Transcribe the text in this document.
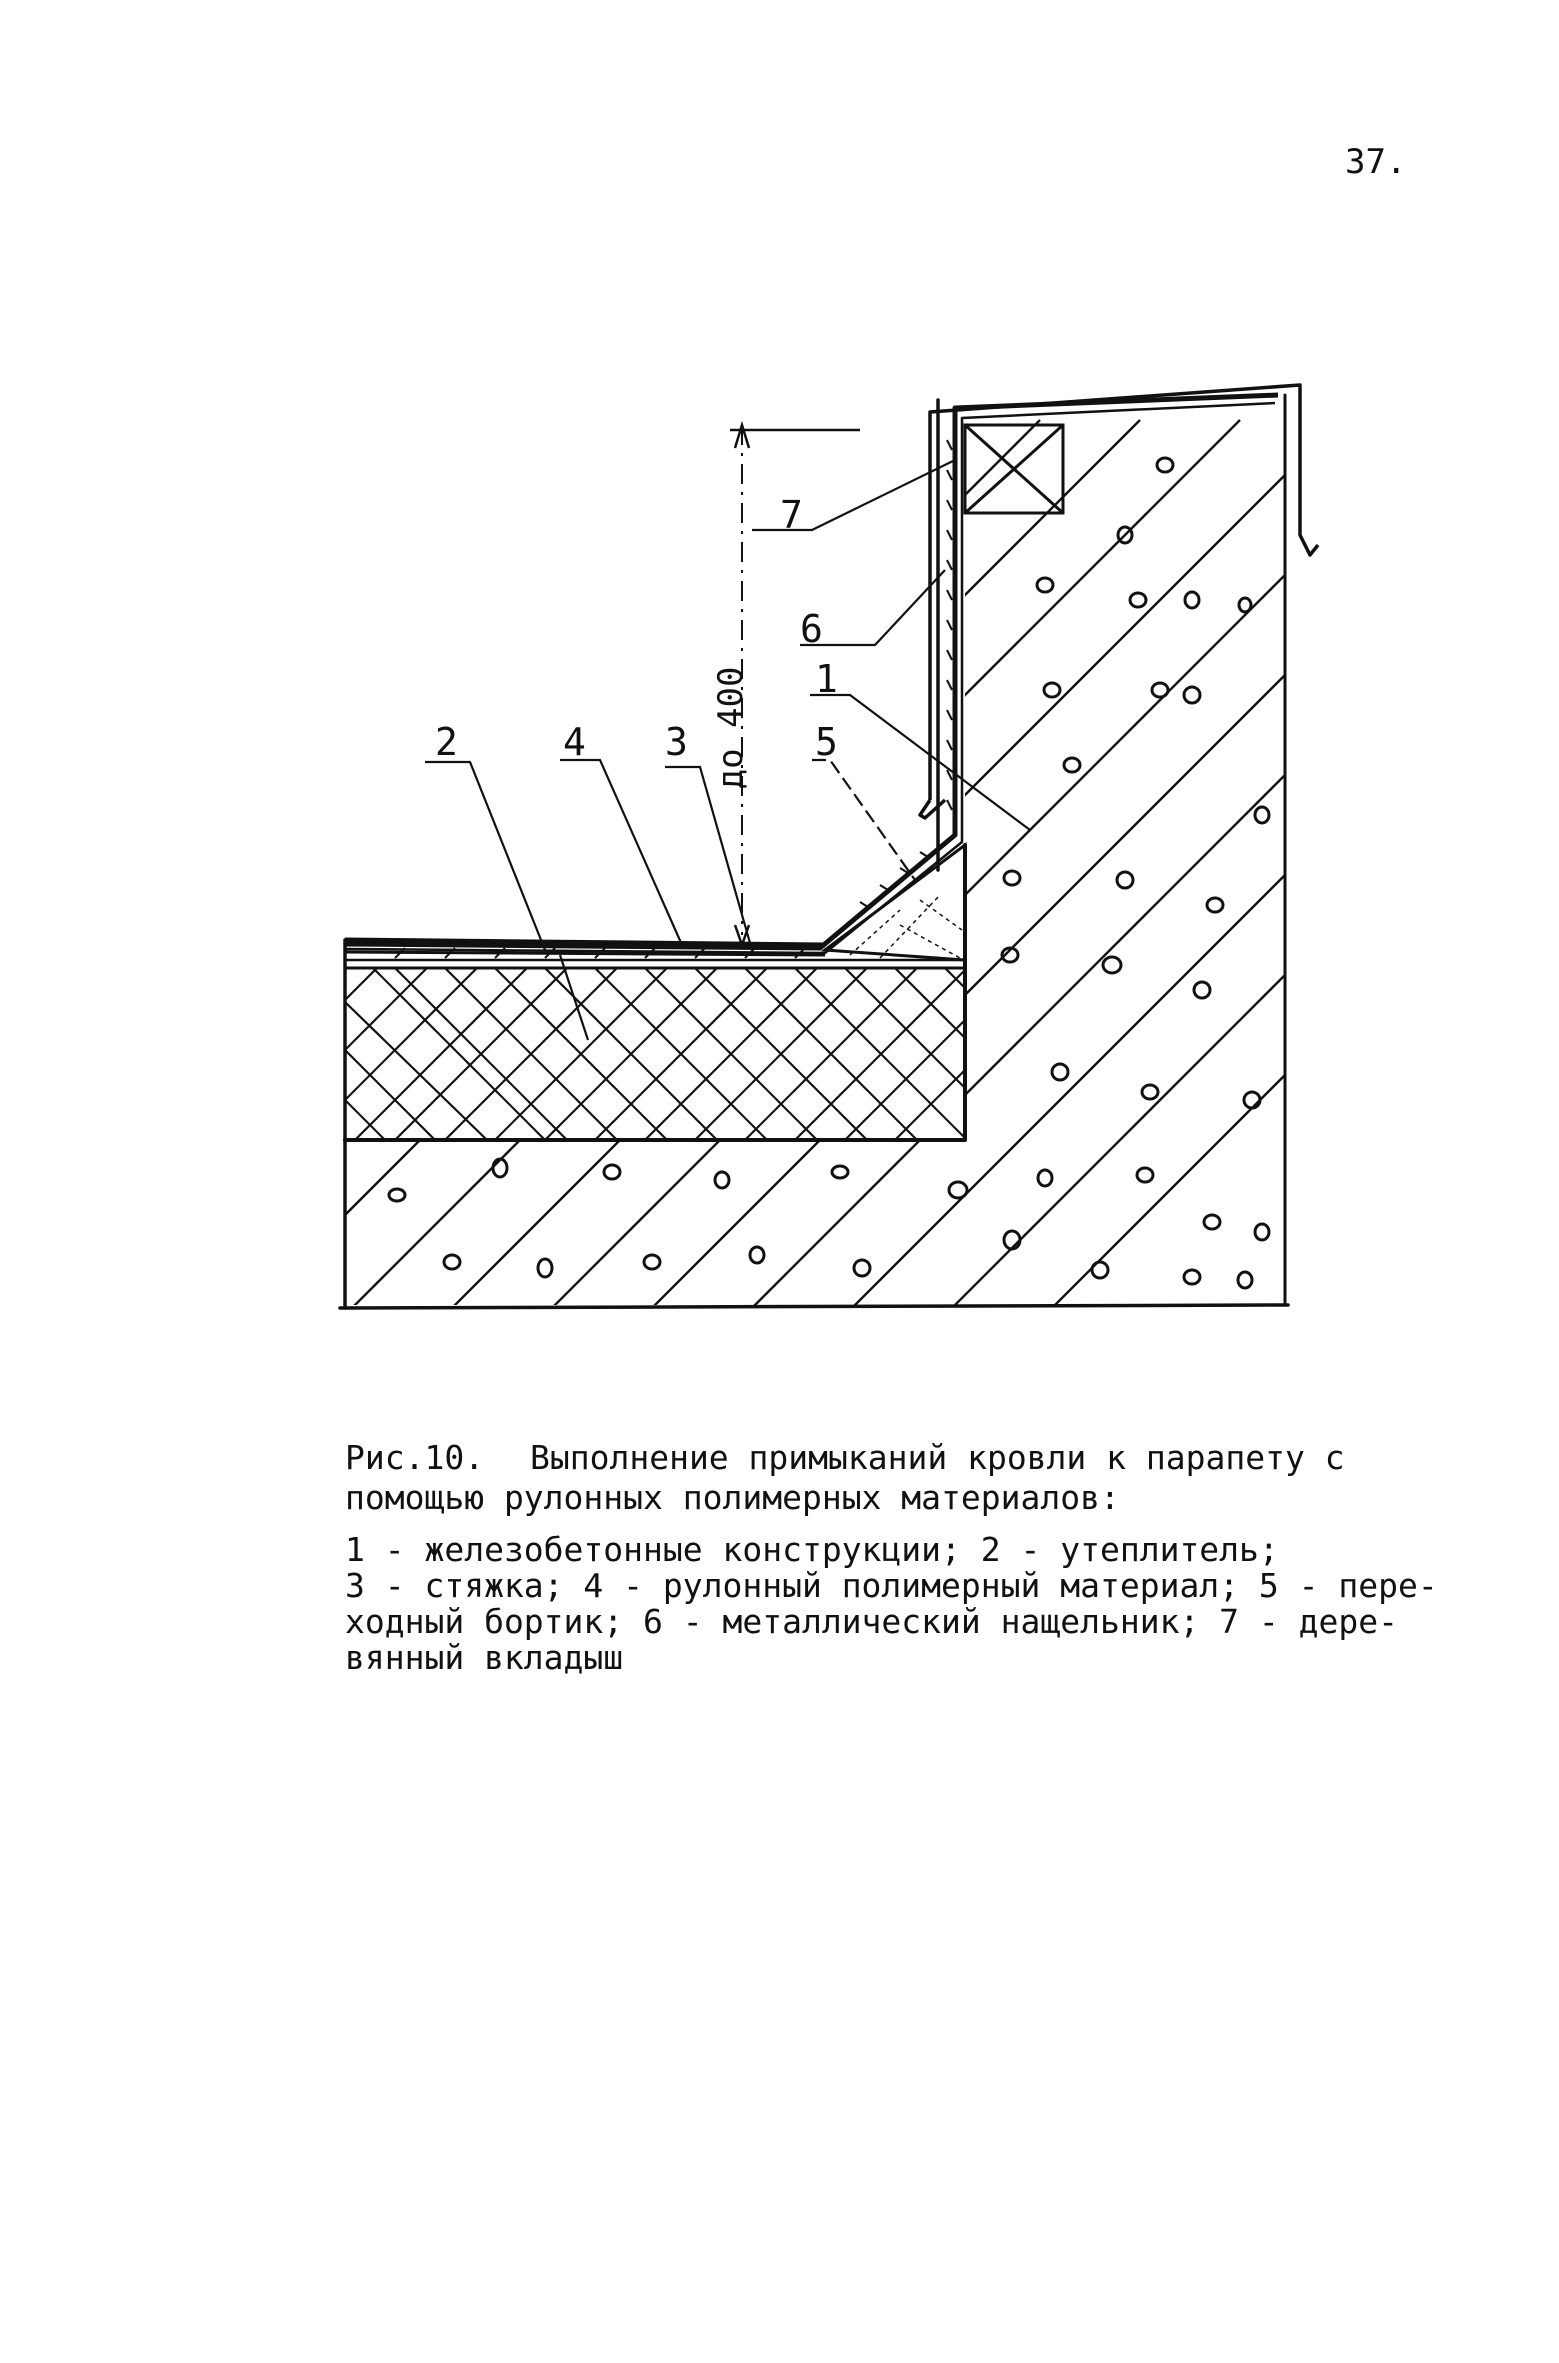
37.
до 400
7
6
1
5
2	4 3
Рис.10. Выполнение примыканий кровли к парапету с
помощью рулонных полимерных материалов:
1 - железобетонные конструкции; 2 - утеплитель;
3 - стяжка; 4 - рулонный полимерный материал; 5 - пере-
ходный бортик; 6 - металлический нащельник; 7 - дере-
вянный вкладыш
